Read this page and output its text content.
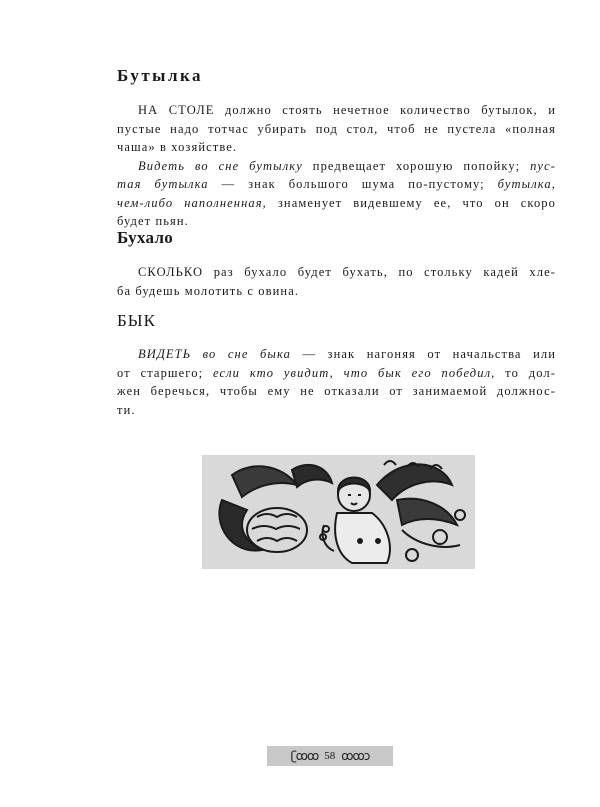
Бутылка
НА СТОЛЕ должно стоять нечетное количество бутылок, и
пустые надо тотчас убирать под стол, чтоб не пустела «полная
чаша» в хозяйстве.
Видеть во сне бутылку предвещает хорошую попойку; пус-
тая бутылка — знак большого шума по-пустому; бутылка,
чем-либо наполненная, знаменует видевшему ее, что он скоро
будет пьян.
Бухало
СКОЛЬКО раз бухало будет бухать, по стольку кадей хле-
ба будешь молотить с овина.
БЫК
ВИДЕТЬ во сне быка — знак нагоняя от начальства или
от старшего; если кто увидит, что бык его победил, то дол-
жен беречься, чтобы ему не отказали от занимаемой должнос-
ти.
ʗꝏꝏ 58 ꝏꝏɔ
